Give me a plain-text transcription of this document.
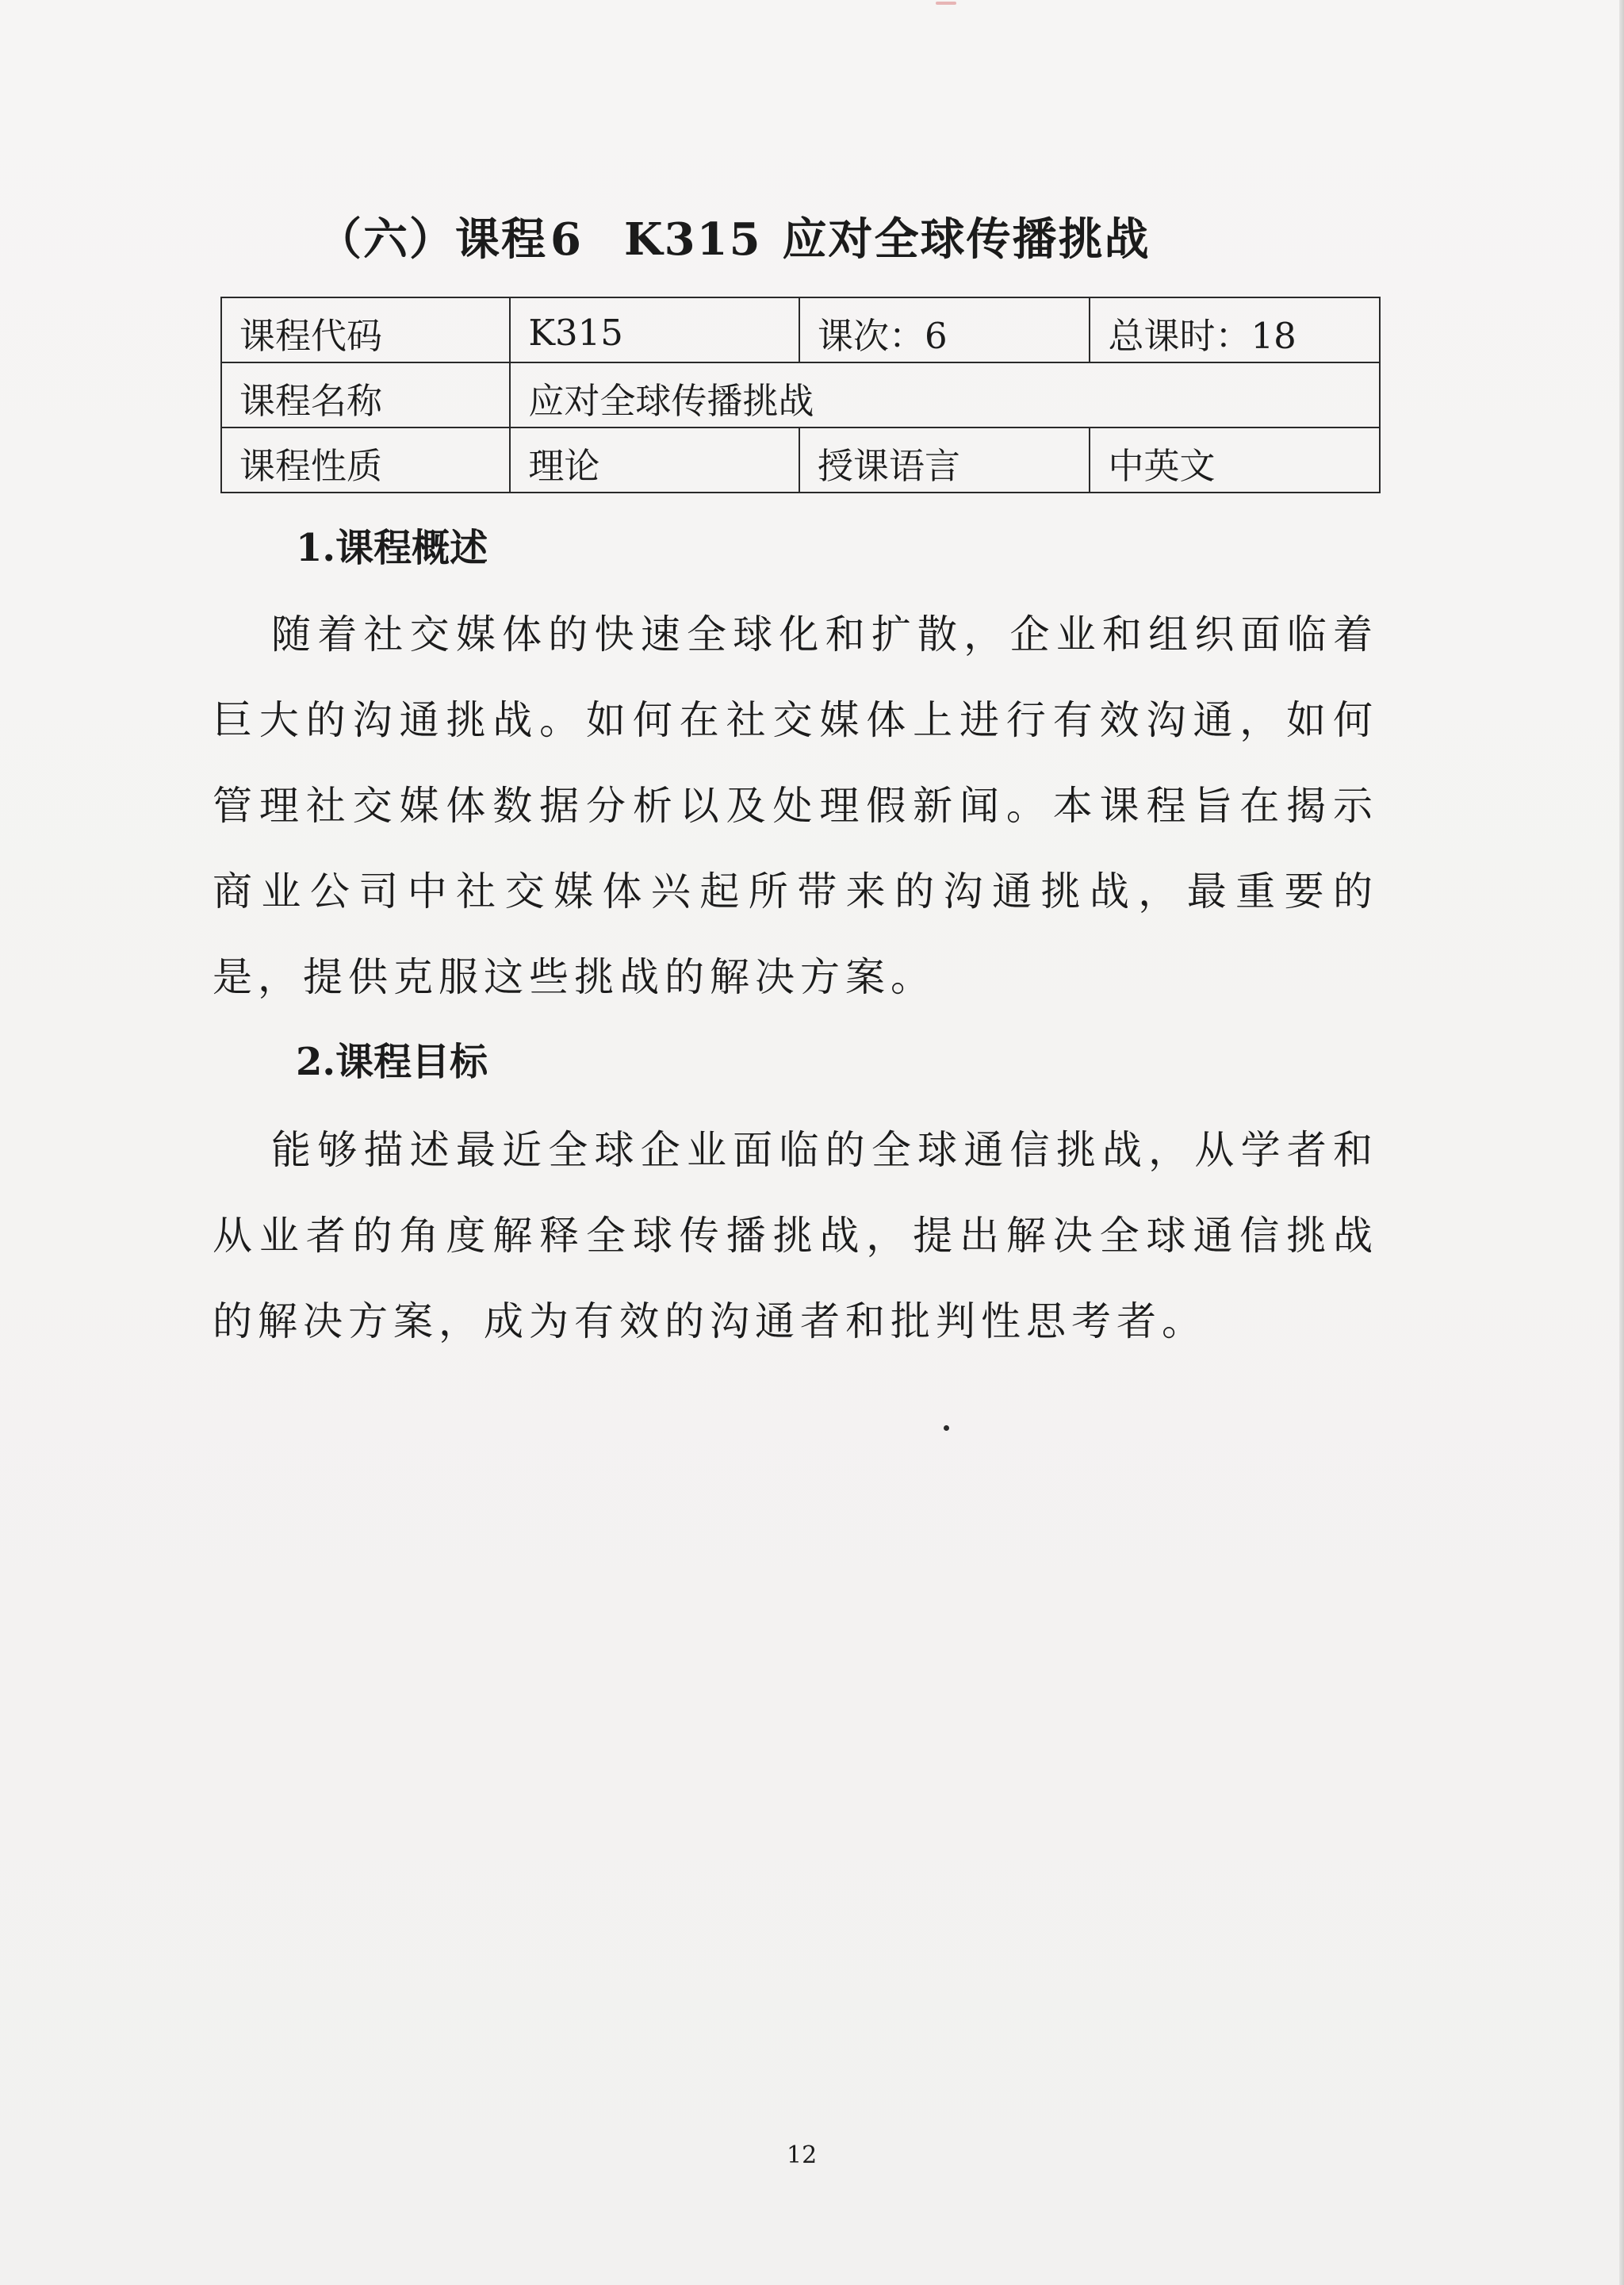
（六）课程6 K315 应对全球传播挑战
课程代码	K315	课次：6	总课时：18
课程名称	应对全球传播挑战		
课程性质	理论	授课语言	中英文
1.课程概述

随着社交媒体的快速全球化和扩散，企业和组织面临着巨大的沟通挑战。如何在社交媒体上进行有效沟通，如何管理社交媒体数据分析以及处理假新闻。本课程旨在揭示商业公司中社交媒体兴起所带来的沟通挑战，最重要的是，提供克服这些挑战的解决方案。

2.课程目标

能够描述最近全球企业面临的全球通信挑战，从学者和从业者的角度解释全球传播挑战，提出解决全球通信挑战的解决方案，成为有效的沟通者和批判性思考者。

12
